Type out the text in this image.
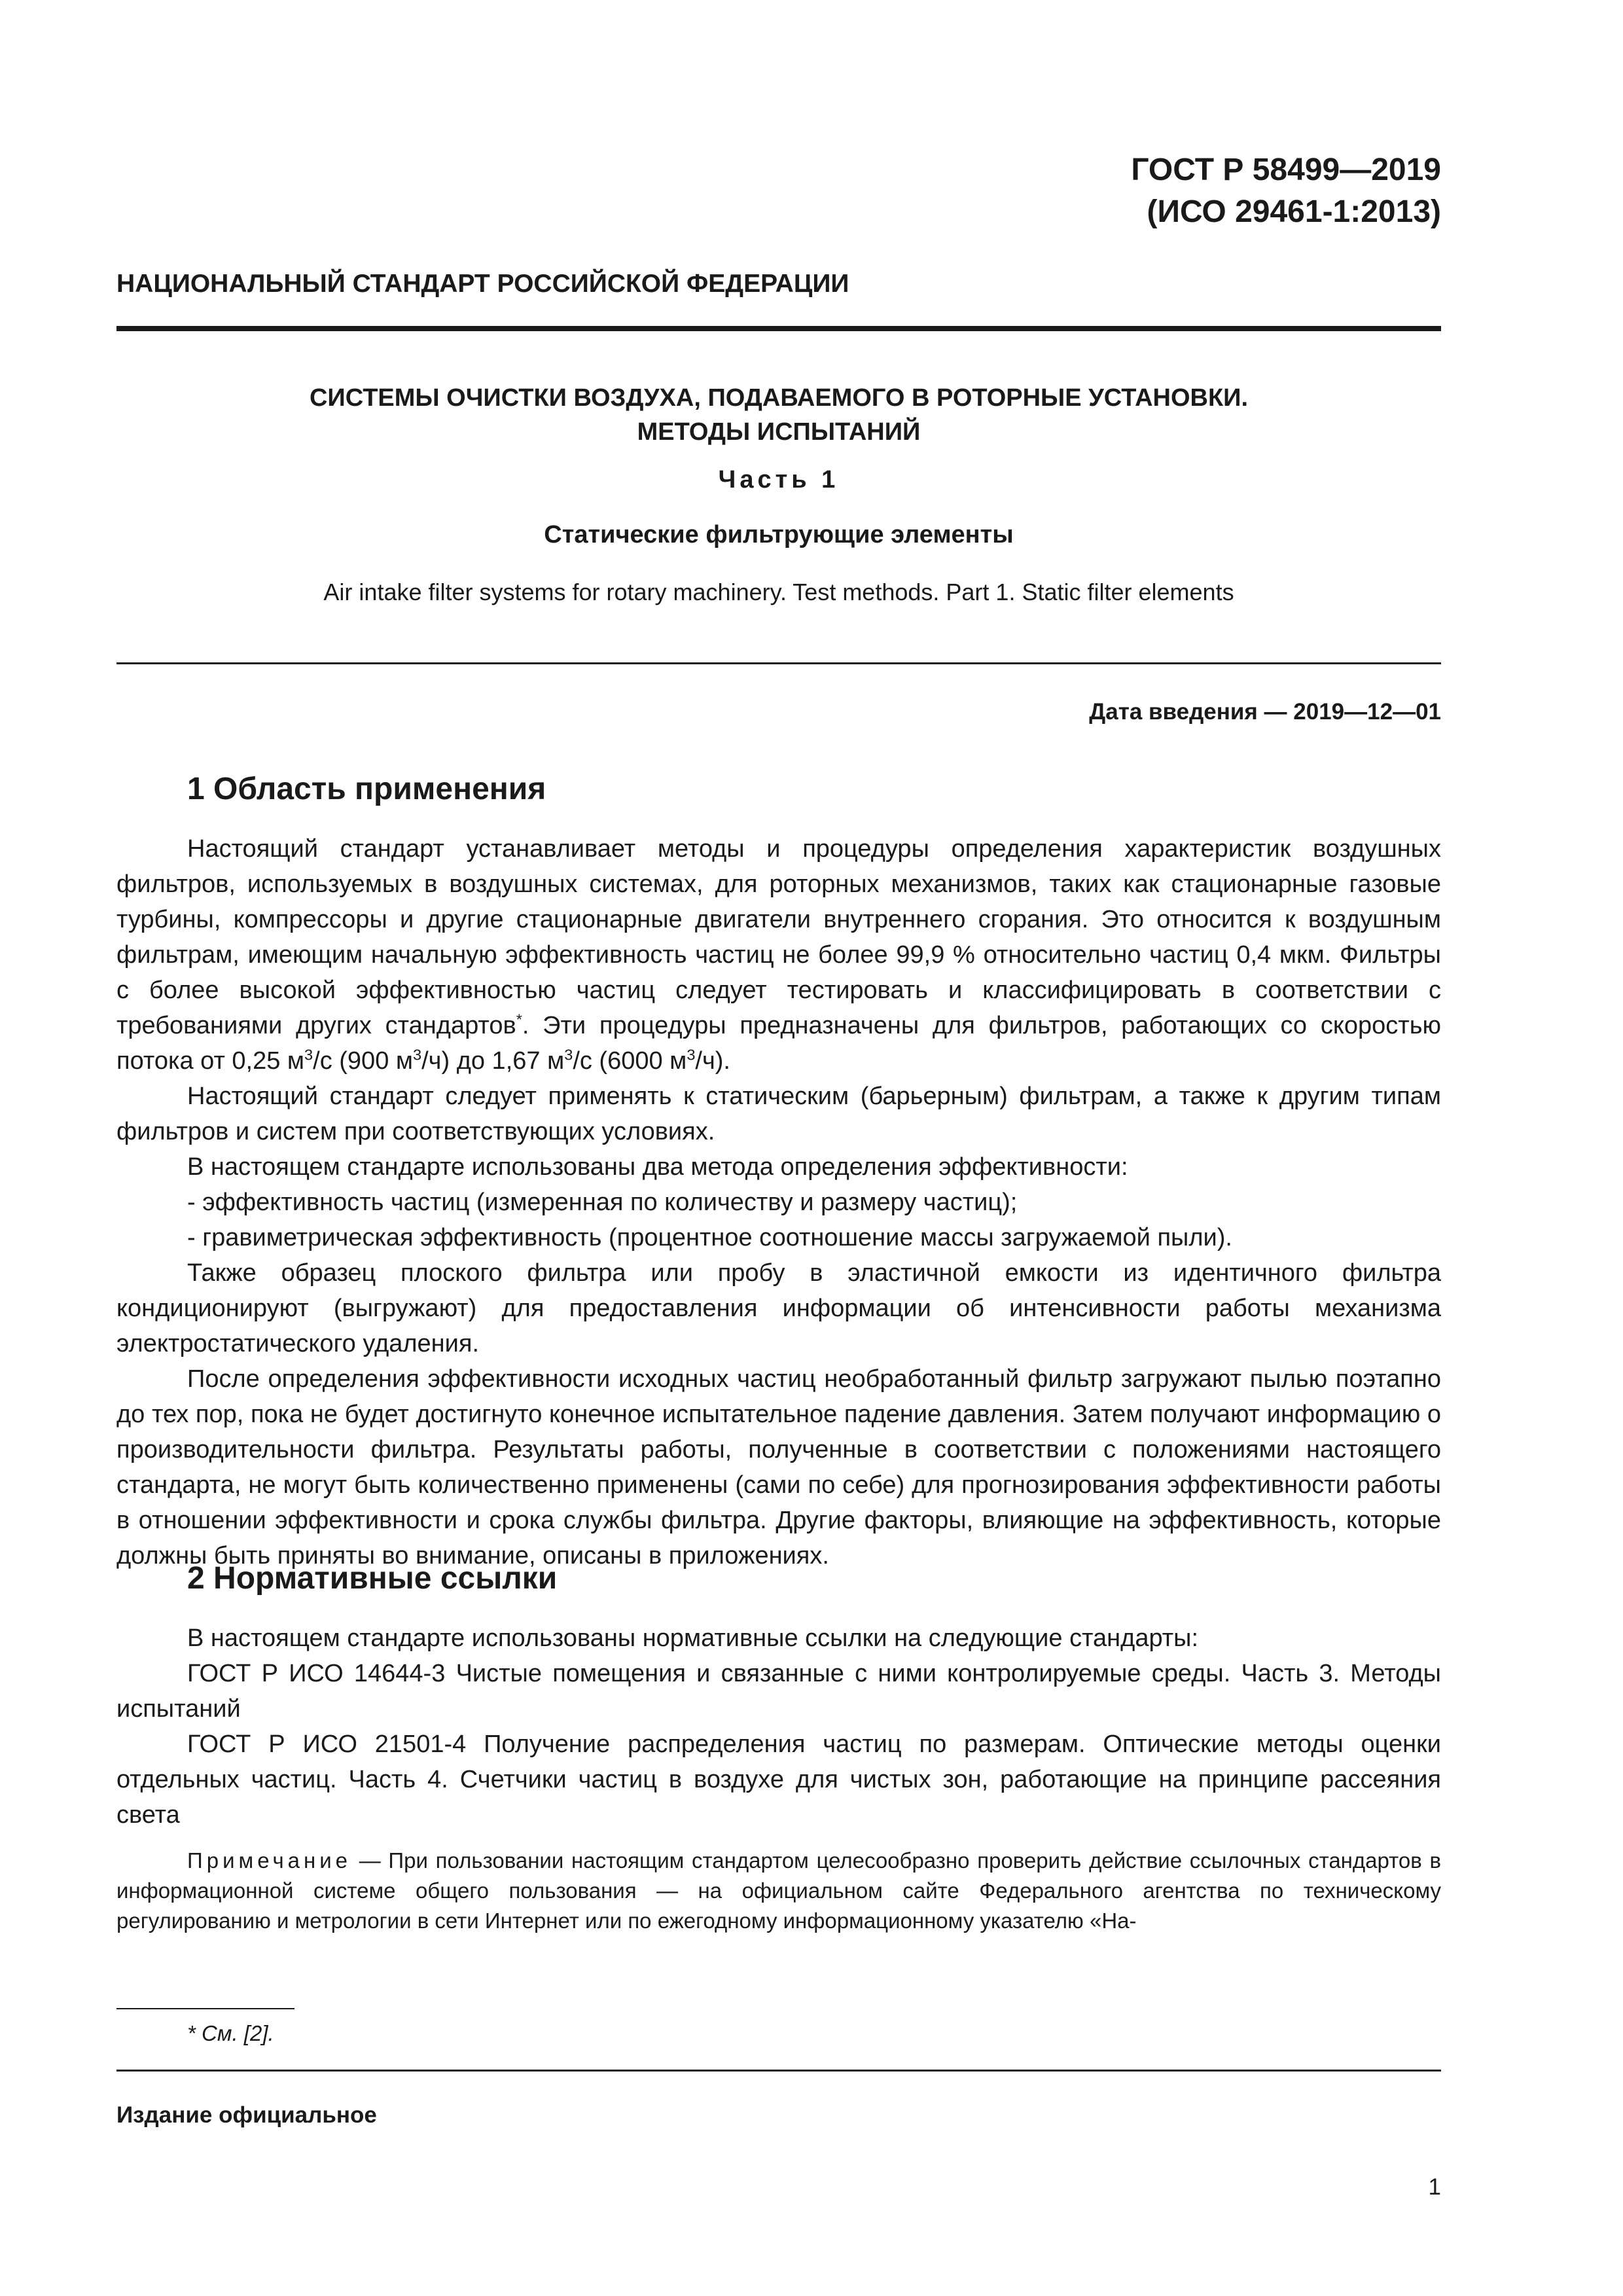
ГОСТ Р 58499—2019
(ИСО 29461-1:2013)
НАЦИОНАЛЬНЫЙ СТАНДАРТ РОССИЙСКОЙ ФЕДЕРАЦИИ
СИСТЕМЫ ОЧИСТКИ ВОЗДУХА, ПОДАВАЕМОГО В РОТОРНЫЕ УСТАНОВКИ.
МЕТОДЫ ИСПЫТАНИЙ
Часть 1
Статические фильтрующие элементы
Air intake filter systems for rotary machinery. Test methods. Part 1. Static filter elements
Дата введения — 2019—12—01
1 Область применения

Настоящий стандарт устанавливает методы и процедуры определения характеристик воздушных фильтров, используемых в воздушных системах, для роторных механизмов, таких как стационарные газовые турбины, компрессоры и другие стационарные двигатели внутреннего сгорания. Это относится к воздушным фильтрам, имеющим начальную эффективность частиц не более 99,9 % относительно частиц 0,4 мкм. Фильтры с более высокой эффективностью частиц следует тестировать и классифицировать в соответствии с требованиями других стандартов*. Эти процедуры предназначены для фильтров, работающих со скоростью потока от 0,25 $м^3/с$ (900 $м^3/ч$) до 1,67 $м^3/с$ (6000 $м^3/ч$).

Настоящий стандарт следует применять к статическим (барьерным) фильтрам, а также к другим типам фильтров и систем при соответствующих условиях.

В настоящем стандарте использованы два метода определения эффективности:

- эффективность частиц (измеренная по количеству и размеру частиц);

- гравиметрическая эффективность (процентное соотношение массы загружаемой пыли).

Также образец плоского фильтра или пробу в эластичной емкости из идентичного фильтра кондиционируют (выгружают) для предоставления информации об интенсивности работы механизма электростатического удаления.

После определения эффективности исходных частиц необработанный фильтр загружают пылью поэтапно до тех пор, пока не будет достигнуто конечное испытательное падение давления. Затем получают информацию о производительности фильтра. Результаты работы, полученные в соответствии с положениями настоящего стандарта, не могут быть количественно применены (сами по себе) для прогнозирования эффективности работы в отношении эффективности и срока службы фильтра. Другие факторы, влияющие на эффективность, которые должны быть приняты во внимание, описаны в приложениях.

2 Нормативные ссылки

В настоящем стандарте использованы нормативные ссылки на следующие стандарты:

ГОСТ Р ИСО 14644-3 Чистые помещения и связанные с ними контролируемые среды. Часть 3. Методы испытаний

ГОСТ Р ИСО 21501-4 Получение распределения частиц по размерам. Оптические методы оценки отдельных частиц. Часть 4. Счетчики частиц в воздухе для чистых зон, работающие на принципе рассеяния света

Примечание — При пользовании настоящим стандартом целесообразно проверить действие ссылочных стандартов в информационной системе общего пользования — на официальном сайте Федерального агентства по техническому регулированию и метрологии в сети Интернет или по ежегодному информационному указателю «На-

* См. [2].
Издание официальное
1
